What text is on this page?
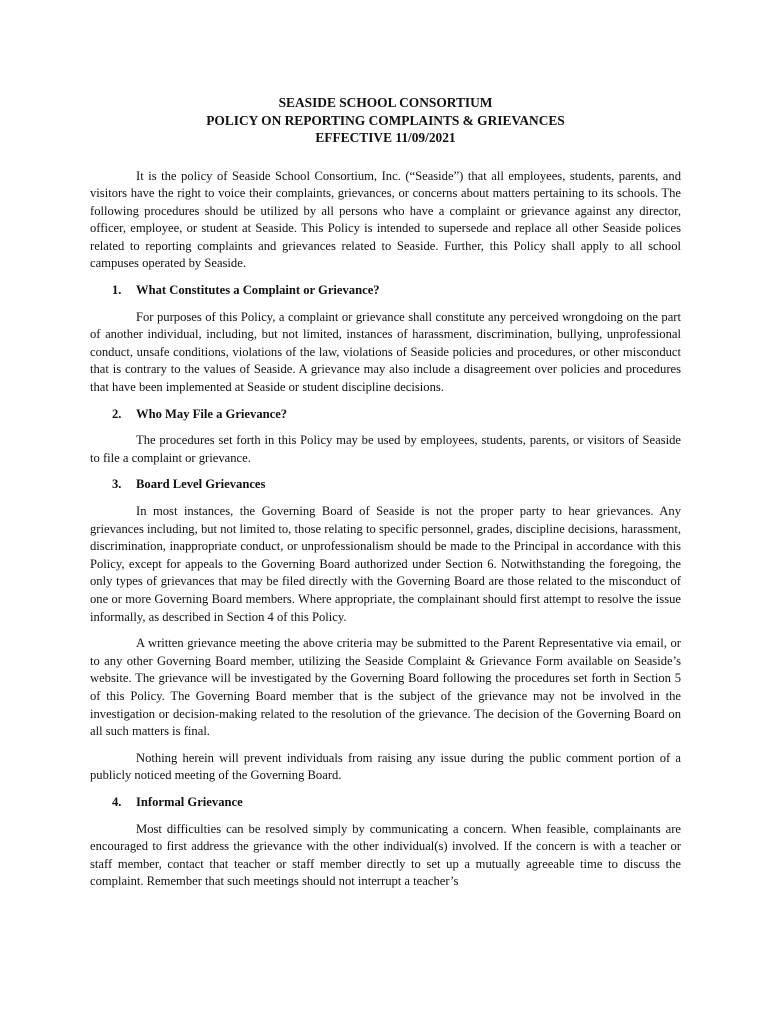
SEASIDE SCHOOL CONSORTIUM
POLICY ON REPORTING COMPLAINTS & GRIEVANCES
EFFECTIVE 11/09/2021

It is the policy of Seaside School Consortium, Inc. (“Seaside”) that all employees, students, parents, and visitors have the right to voice their complaints, grievances, or concerns about matters pertaining to its schools. The following procedures should be utilized by all persons who have a complaint or grievance against any director, officer, employee, or student at Seaside. This Policy is intended to supersede and replace all other Seaside polices related to reporting complaints and grievances related to Seaside. Further, this Policy shall apply to all school campuses operated by Seaside.

1.	What Constitutes a Complaint or Grievance?

For purposes of this Policy, a complaint or grievance shall constitute any perceived wrongdoing on the part of another individual, including, but not limited, instances of harassment, discrimination, bullying, unprofessional conduct, unsafe conditions, violations of the law, violations of Seaside policies and procedures, or other misconduct that is contrary to the values of Seaside. A grievance may also include a disagreement over policies and procedures that have been implemented at Seaside or student discipline decisions.

2.	Who May File a Grievance?

The procedures set forth in this Policy may be used by employees, students, parents, or visitors of Seaside to file a complaint or grievance.

3.	Board Level Grievances

In most instances, the Governing Board of Seaside is not the proper party to hear grievances. Any grievances including, but not limited to, those relating to specific personnel, grades, discipline decisions, harassment, discrimination, inappropriate conduct, or unprofessionalism should be made to the Principal in accordance with this Policy, except for appeals to the Governing Board authorized under Section 6. Notwithstanding the foregoing, the only types of grievances that may be filed directly with the Governing Board are those related to the misconduct of one or more Governing Board members. Where appropriate, the complainant should first attempt to resolve the issue informally, as described in Section 4 of this Policy.

A written grievance meeting the above criteria may be submitted to the Parent Representative via email, or to any other Governing Board member, utilizing the Seaside Complaint & Grievance Form available on Seaside’s website. The grievance will be investigated by the Governing Board following the procedures set forth in Section 5 of this Policy. The Governing Board member that is the subject of the grievance may not be involved in the investigation or decision-making related to the resolution of the grievance. The decision of the Governing Board on all such matters is final.

Nothing herein will prevent individuals from raising any issue during the public comment portion of a publicly noticed meeting of the Governing Board.

4.	Informal Grievance

Most difficulties can be resolved simply by communicating a concern. When feasible, complainants are encouraged to first address the grievance with the other individual(s) involved. If the concern is with a teacher or staff member, contact that teacher or staff member directly to set up a mutually agreeable time to discuss the complaint. Remember that such meetings should not interrupt a teacher’s
